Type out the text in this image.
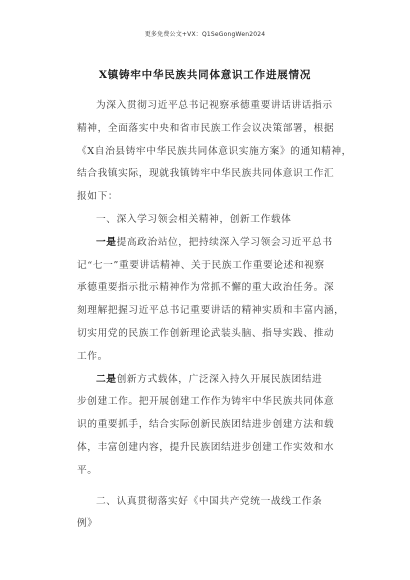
更多免费公文+VX：Q1SeGongWen2024
X镇铸牢中华民族共同体意识工作进展情况
为深入贯彻习近平总书记视察承德重要讲话讲话指示
精神，全面落实中央和省市民族工作会议决策部署，根据
《X自治县铸牢中华民族共同体意识实施方案》的通知精神，
结合我镇实际，现就我镇铸牢中华民族共同体意识工作汇
报如下：
一、深入学习领会相关精神，创新工作载体
一是提高政治站位，把持续深入学习领会习近平总书
记“七一”重要讲话精神、关于民族工作重要论述和视察
承德重要指示批示精神作为常抓不懈的重大政治任务。深
刻理解把握习近平总书记重要讲话的精神实质和丰富内涵，
切实用党的民族工作创新理论武装头脑、指导实践、推动
工作。
二是创新方式载体，广泛深入持久开展民族团结进
步创建工作。把开展创建工作作为铸牢中华民族共同体意
识的重要抓手，结合实际创新民族团结进步创建方法和载
体，丰富创建内容，提升民族团结进步创建工作实效和水
平。
二、认真贯彻落实好《中国共产党统一战线工作条
例》
